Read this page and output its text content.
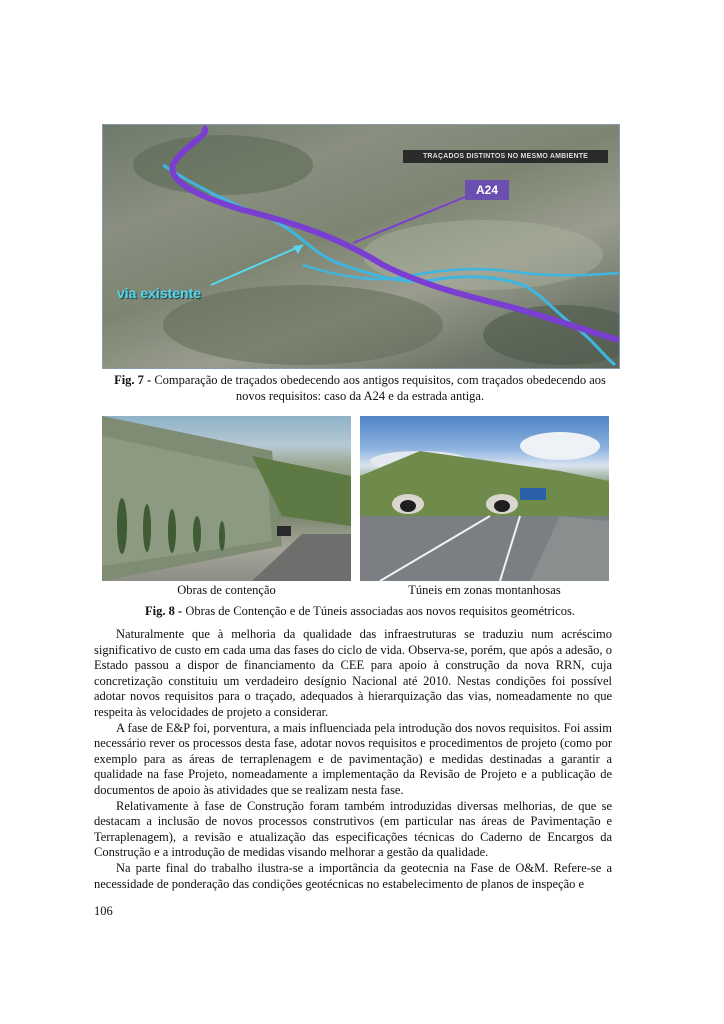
TRAÇADOS DISTINTOS NO MESMO AMBIENTE
A24
via existente
Fig. 7 - Comparação de traçados obedecendo aos antigos requisitos, com traçados obedecendo aos novos requisitos: caso da A24 e da estrada antiga.
Obras de contenção	Túneis em zonas montanhosas
Fig. 8 - Obras de Contenção e de Túneis associadas aos novos requisitos geométricos.

Naturalmente que à melhoria da qualidade das infraestruturas se traduziu num acréscimo significativo de custo em cada uma das fases do ciclo de vida. Observa-se, porém, que após a adesão, o Estado passou a dispor de financiamento da CEE para apoio à construção da nova RRN, cuja concretização constituiu um verdadeiro desígnio Nacional até 2010. Nestas condições foi possível adotar novos requisitos para o traçado, adequados à hierarquização das vias, nomeadamente no que respeita às velocidades de projeto a considerar.

A fase de E&P foi, porventura, a mais influenciada pela introdução dos novos requisitos. Foi assim necessário rever os processos desta fase, adotar novos requisitos e procedimentos de projeto (como por exemplo para as áreas de terraplenagem e de pavimentação) e medidas destinadas a garantir a qualidade na fase Projeto, nomeadamente a implementação da Revisão de Projeto e a publicação de documentos de apoio às atividades que se realizam nesta fase.

Relativamente à fase de Construção foram também introduzidas diversas melhorias, de que se destacam a inclusão de novos processos construtivos (em particular nas áreas de Pavimentação e Terraplenagem), a revisão e atualização das especificações técnicas do Caderno de Encargos da Construção e a introdução de medidas visando melhorar a gestão da qualidade.

Na parte final do trabalho ilustra-se a importância da geotecnia na Fase de O&M. Refere-se a necessidade de ponderação das condições geotécnicas no estabelecimento de planos de inspeção e

106
